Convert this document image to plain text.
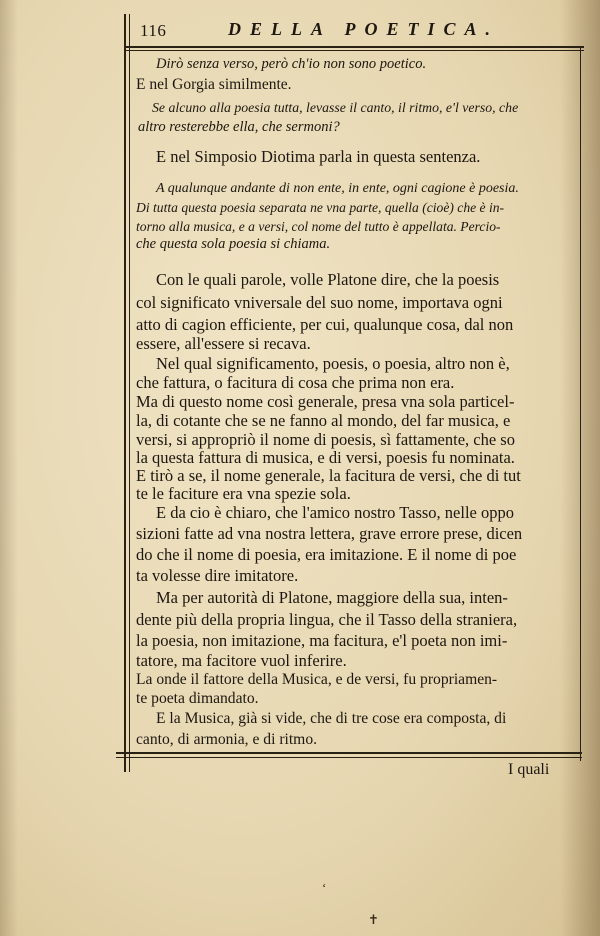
116	DELLA POETICA.
Dirò senza verso, però ch'io non sono poetico.
E nel Gorgia similmente.
Se alcuno alla poesia tutta, levasse il canto, il ritmo, e'l verso, che
altro resterebbe ella, che sermoni?
E nel Simposio Diotima parla in questa sentenza.
A qualunque andante di non ente, in ente, ogni cagione è poesia.
Di tutta questa poesia separata ne vna parte, quella (cioè) che è in-
torno alla musica, e a versi, col nome del tutto è appellata. Percio-
che questa sola poesia si chiama.
Con le quali parole, volle Platone dire, che la poesis
col significato vniversale del suo nome, importava ogni
atto di cagion efficiente, per cui, qualunque cosa, dal non
essere, all'essere si recava.
Nel qual significamento, poesis, o poesia, altro non è,
che fattura, o facitura di cosa che prima non era.
Ma di questo nome così generale, presa vna sola particel-
la, di cotante che se ne fanno al mondo, del far musica, e
versi, si appropriò il nome di poesis, sì fattamente, che so
la questa fattura di musica, e di versi, poesis fu nominata.
E tirò a se, il nome generale, la facitura de versi, che di tut
te le faciture era vna spezie sola.
E da cio è chiaro, che l'amico nostro Tasso, nelle oppo
sizioni fatte ad vna nostra lettera, grave errore prese, dicen
do che il nome di poesia, era imitazione. E il nome di poe
ta volesse dire imitatore.
Ma per autorità di Platone, maggiore della sua, inten-
dente più della propria lingua, che il Tasso della straniera,
la poesia, non imitazione, ma facitura, e'l poeta non imi-
tatore, ma facitore vuol inferire.
La onde il fattore della Musica, e de versi, fu propriamen-
te poeta dimandato.
E la Musica, già si vide, che di tre cose era composta, di
I quali
ʻ
✝
canto, di armonia, e di ritmo.
